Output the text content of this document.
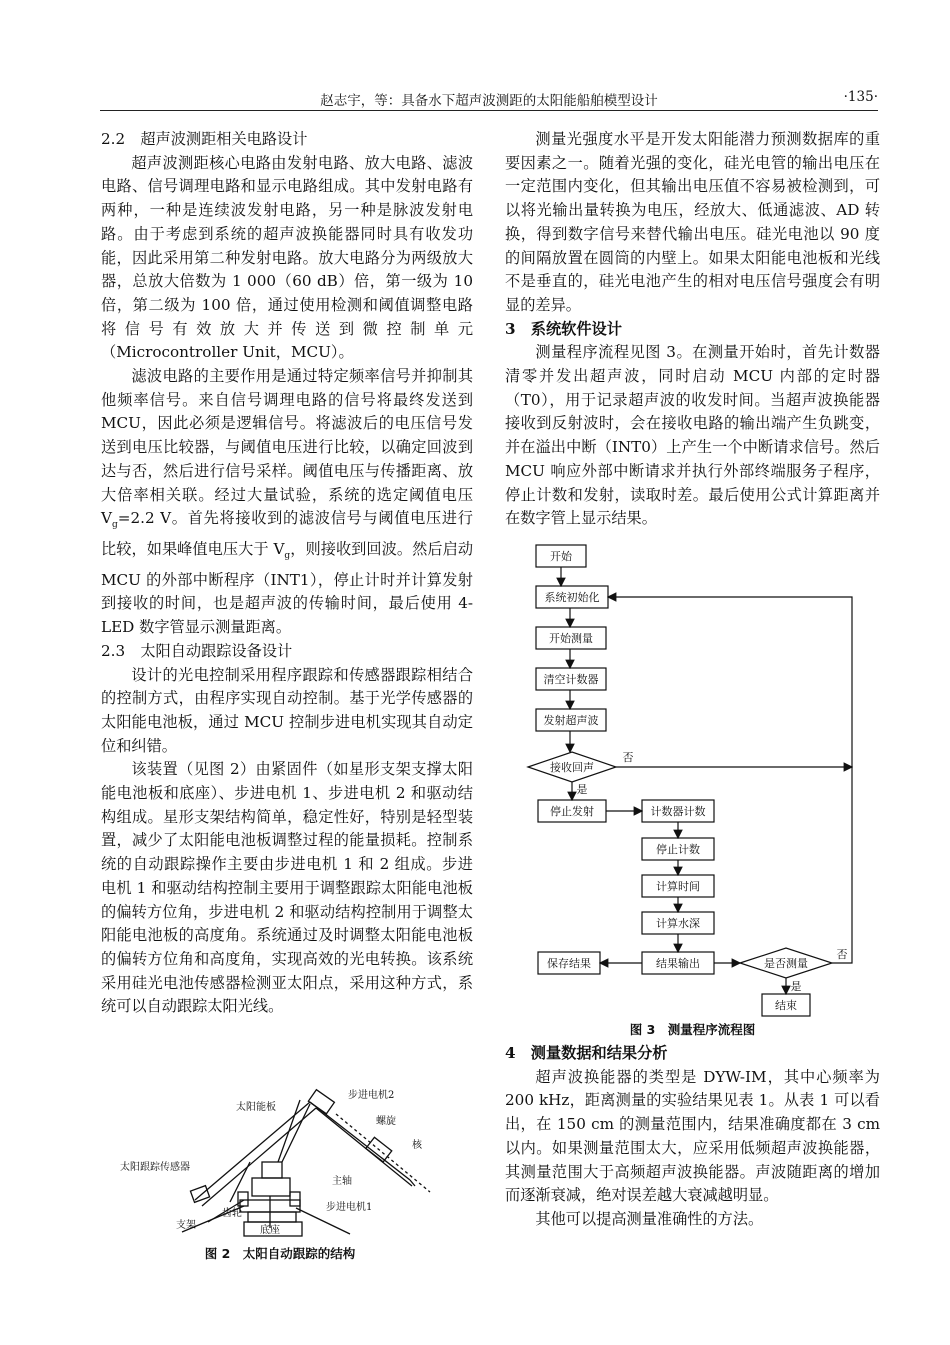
赵志宇，等：具备水下超声波测距的太阳能船舶模型设计	·135·
2.2　超声波测距相关电路设计

超声波测距核心电路由发射电路、放大电路、滤波电路、信号调理电路和显示电路组成。其中发射电路有两种，一种是连续波发射电路，另一种是脉波发射电路。由于考虑到系统的超声波换能器同时具有收发功能，因此采用第二种发射电路。放大电路分为两级放大器，总放大倍数为 1 000（60 dB）倍，第一级为 10 倍，第二级为 100 倍，通过使用检测和阈值调整电路将信号有效放大并传送到微控制单元（Microcontroller Unit，MCU）。

滤波电路的主要作用是通过特定频率信号并抑制其他频率信号。来自信号调理电路的信号将最终发送到 MCU，因此必须是逻辑信号。将滤波后的电压信号发送到电压比较器，与阈值电压进行比较，以确定回波到达与否，然后进行信号采样。阈值电压与传播距离、放大倍率相关联。经过大量试验，系统的选定阈值电压 $V_g=2.2$ V。首先将接收到的滤波信号与阈值电压进行比较，如果峰值电压大于 $V_g$，则接收到回波。然后启动 MCU 的外部中断程序（INT1），停止计时并计算发射到接收的时间，也是超声波的传输时间，最后使用 4-LED 数字管显示测量距离。

2.3　太阳自动跟踪设备设计

设计的光电控制采用程序跟踪和传感器跟踪相结合的控制方式，由程序实现自动控制。基于光学传感器的太阳能电池板，通过 MCU 控制步进电机实现其自动定位和纠错。

该装置（见图 2）由紧固件（如星形支架支撑太阳能电池板和底座）、步进电机 1、步进电机 2 和驱动结构组成。星形支架结构简单，稳定性好，特别是轻型装置，减少了太阳能电池板调整过程的能量损耗。控制系统的自动跟踪操作主要由步进电机 1 和 2 组成。步进电机 1 和驱动结构控制主要用于调整跟踪太阳能电池板的偏转方位角，步进电机 2 和驱动结构控制用于调整太阳能电池板的高度角。系统通过及时调整太阳能电池板的偏转方位角和高度角，实现高效的光电转换。该系统采用硅光电池传感器检测亚太阳点，采用这种方式，系统可以自动跟踪太阳光线。

太阳能板
步进电机2
螺旋
核
太阳跟踪传感器
主轴
齿轮
步进电机1
支架	底座
图 2　太阳自动跟踪的结构

测量光强度水平是开发太阳能潜力预测数据库的重要因素之一。随着光强的变化，硅光电管的输出电压在一定范围内变化，但其输出电压值不容易被检测到，可以将光输出量转换为电压，经放大、低通滤波、AD 转换，得到数字信号来替代输出电压。硅光电池以 90 度的间隔放置在圆筒的内壁上。如果太阳能电池板和光线不是垂直的，硅光电池产生的相对电压信号强度会有明显的差异。

3　系统软件设计

测量程序流程见图 3。在测量开始时，首先计数器清零并发出超声波，同时启动 MCU 内部的定时器（T0），用于记录超声波的收发时间。当超声波换能器接收到反射波时，会在接收电路的输出端产生负跳变，并在溢出中断（INT0）上产生一个中断请求信号。然后 MCU 响应外部中断请求并执行外部终端服务子程序，停止计数和发射，读取时差。最后使用公式计算距离并在数字管上显示结果。

开始
系统初始化
开始测量
清空计数器
发射超声波
接收回声
停止发射	计数器计数
停止计数
计算时间
计算水深
结果输出
保存结果	是否测量
结束
是
否
是
否
图 3　测量程序流程图
4　测量数据和结果分析

超声波换能器的类型是 DYW-IM，其中心频率为 200 kHz，距离测量的实验结果见表 1。从表 1 可以看出，在 150 cm 的测量范围内，结果准确度都在 3 cm 以内。如果测量范围太大，应采用低频超声波换能器，其测量范围大于高频超声波换能器。声波随距离的增加而逐渐衰减，绝对误差越大衰减越明显。

其他可以提高测量准确性的方法。
